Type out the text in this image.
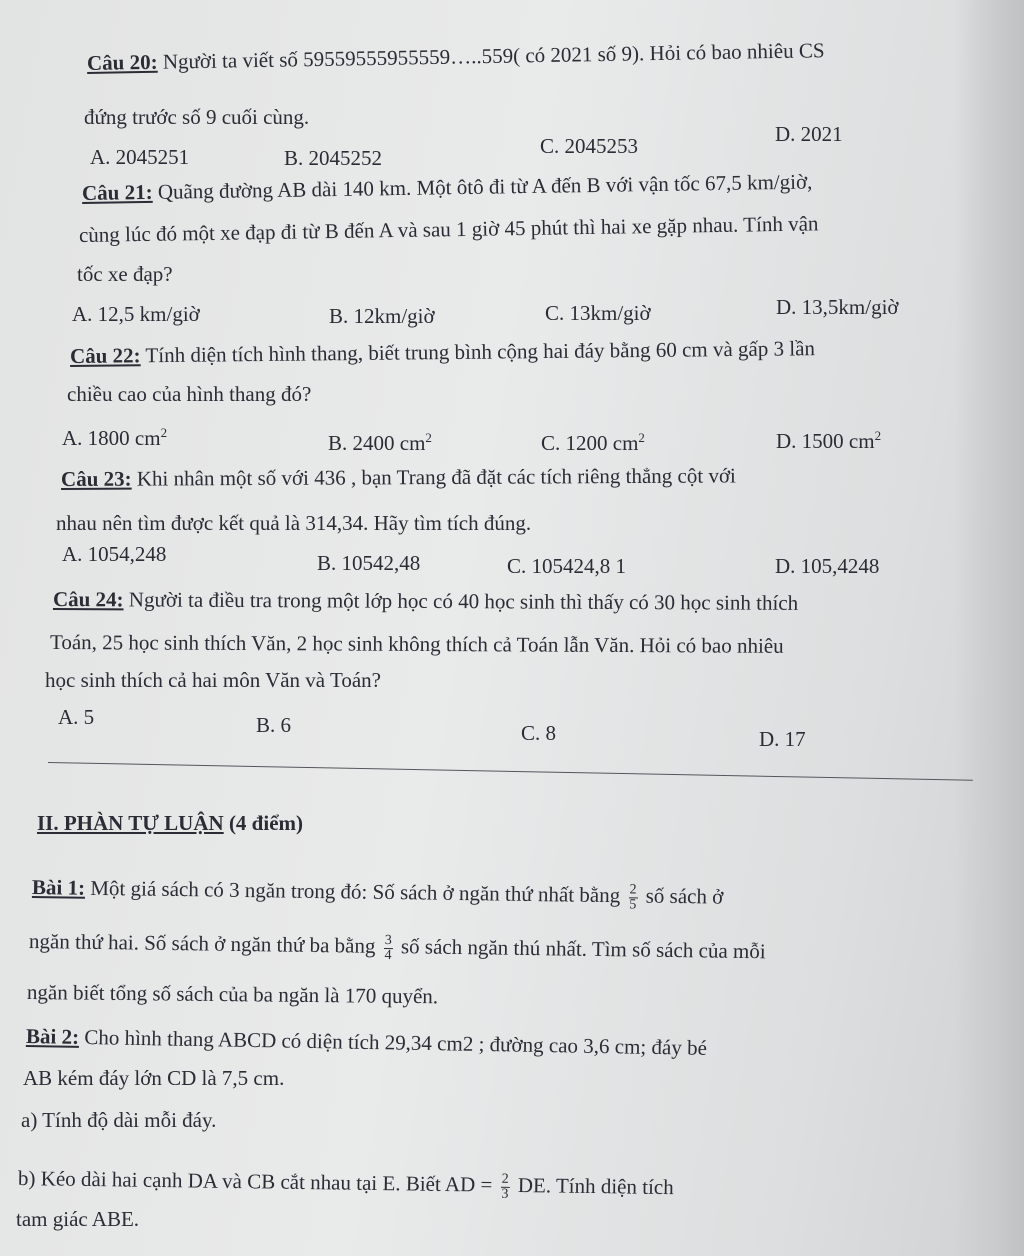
Câu 20: Người ta viết số 59559555955559…..559( có 2021 số 9). Hỏi có bao nhiêu CS
đứng trước số 9 cuối cùng.
A. 2045251	B. 2045252	C. 2045253	D. 2021
Câu 21: Quãng đường AB dài 140 km. Một ôtô đi từ A đến B với vận tốc 67,5 km/giờ,
cùng lúc đó một xe đạp đi từ B đến A và sau 1 giờ 45 phút thì hai xe gặp nhau. Tính vận
tốc xe đạp?
A. 12,5 km/giờ	B. 12km/giờ	C. 13km/giờ	D. 13,5km/giờ
Câu 22: Tính diện tích hình thang, biết trung bình cộng hai đáy bằng 60 cm và gấp 3 lần
chiều cao của hình thang đó?
A. 1800 $cm^2$	B. 2400 $cm^2$	C. 1200 $cm^2$	D. 1500 $cm^2$
Câu 23: Khi nhân một số với 436 , bạn Trang đã đặt các tích riêng thẳng cột với
nhau nên tìm được kết quả là 314,34. Hãy tìm tích đúng.
A. 1054,248	B. 10542,48	C. 105424,8 1	D. 105,4248
Câu 24: Người ta điều tra trong một lớp học có 40 học sinh thì thấy có 30 học sinh thích
Toán, 25 học sinh thích Văn, 2 học sinh không thích cả Toán lẫn Văn. Hỏi có bao nhiêu
học sinh thích cả hai môn Văn và Toán?
A. 5	B. 6	C. 8	D. 17
II. PHÀN TỰ LUẬN (4 điểm)
Bài 1: Một giá sách có 3 ngăn trong đó: Số sách ở ngăn thứ nhất bằng $\frac{2}{5}$ số sách ở
ngăn thứ hai. Số sách ở ngăn thứ ba bằng $\frac{3}{4}$ số sách ngăn thú nhất. Tìm số sách của mỗi
ngăn biết tổng số sách của ba ngăn là 170 quyển.
Bài 2: Cho hình thang ABCD có diện tích 29,34 cm2 ; đường cao 3,6 cm; đáy bé
AB kém đáy lớn CD là 7,5 cm.
a) Tính độ dài mỗi đáy.
b) Kéo dài hai cạnh DA và CB cắt nhau tại E. Biết AD = $\frac{2}{3}$ DE. Tính diện tích
tam giác ABE.
